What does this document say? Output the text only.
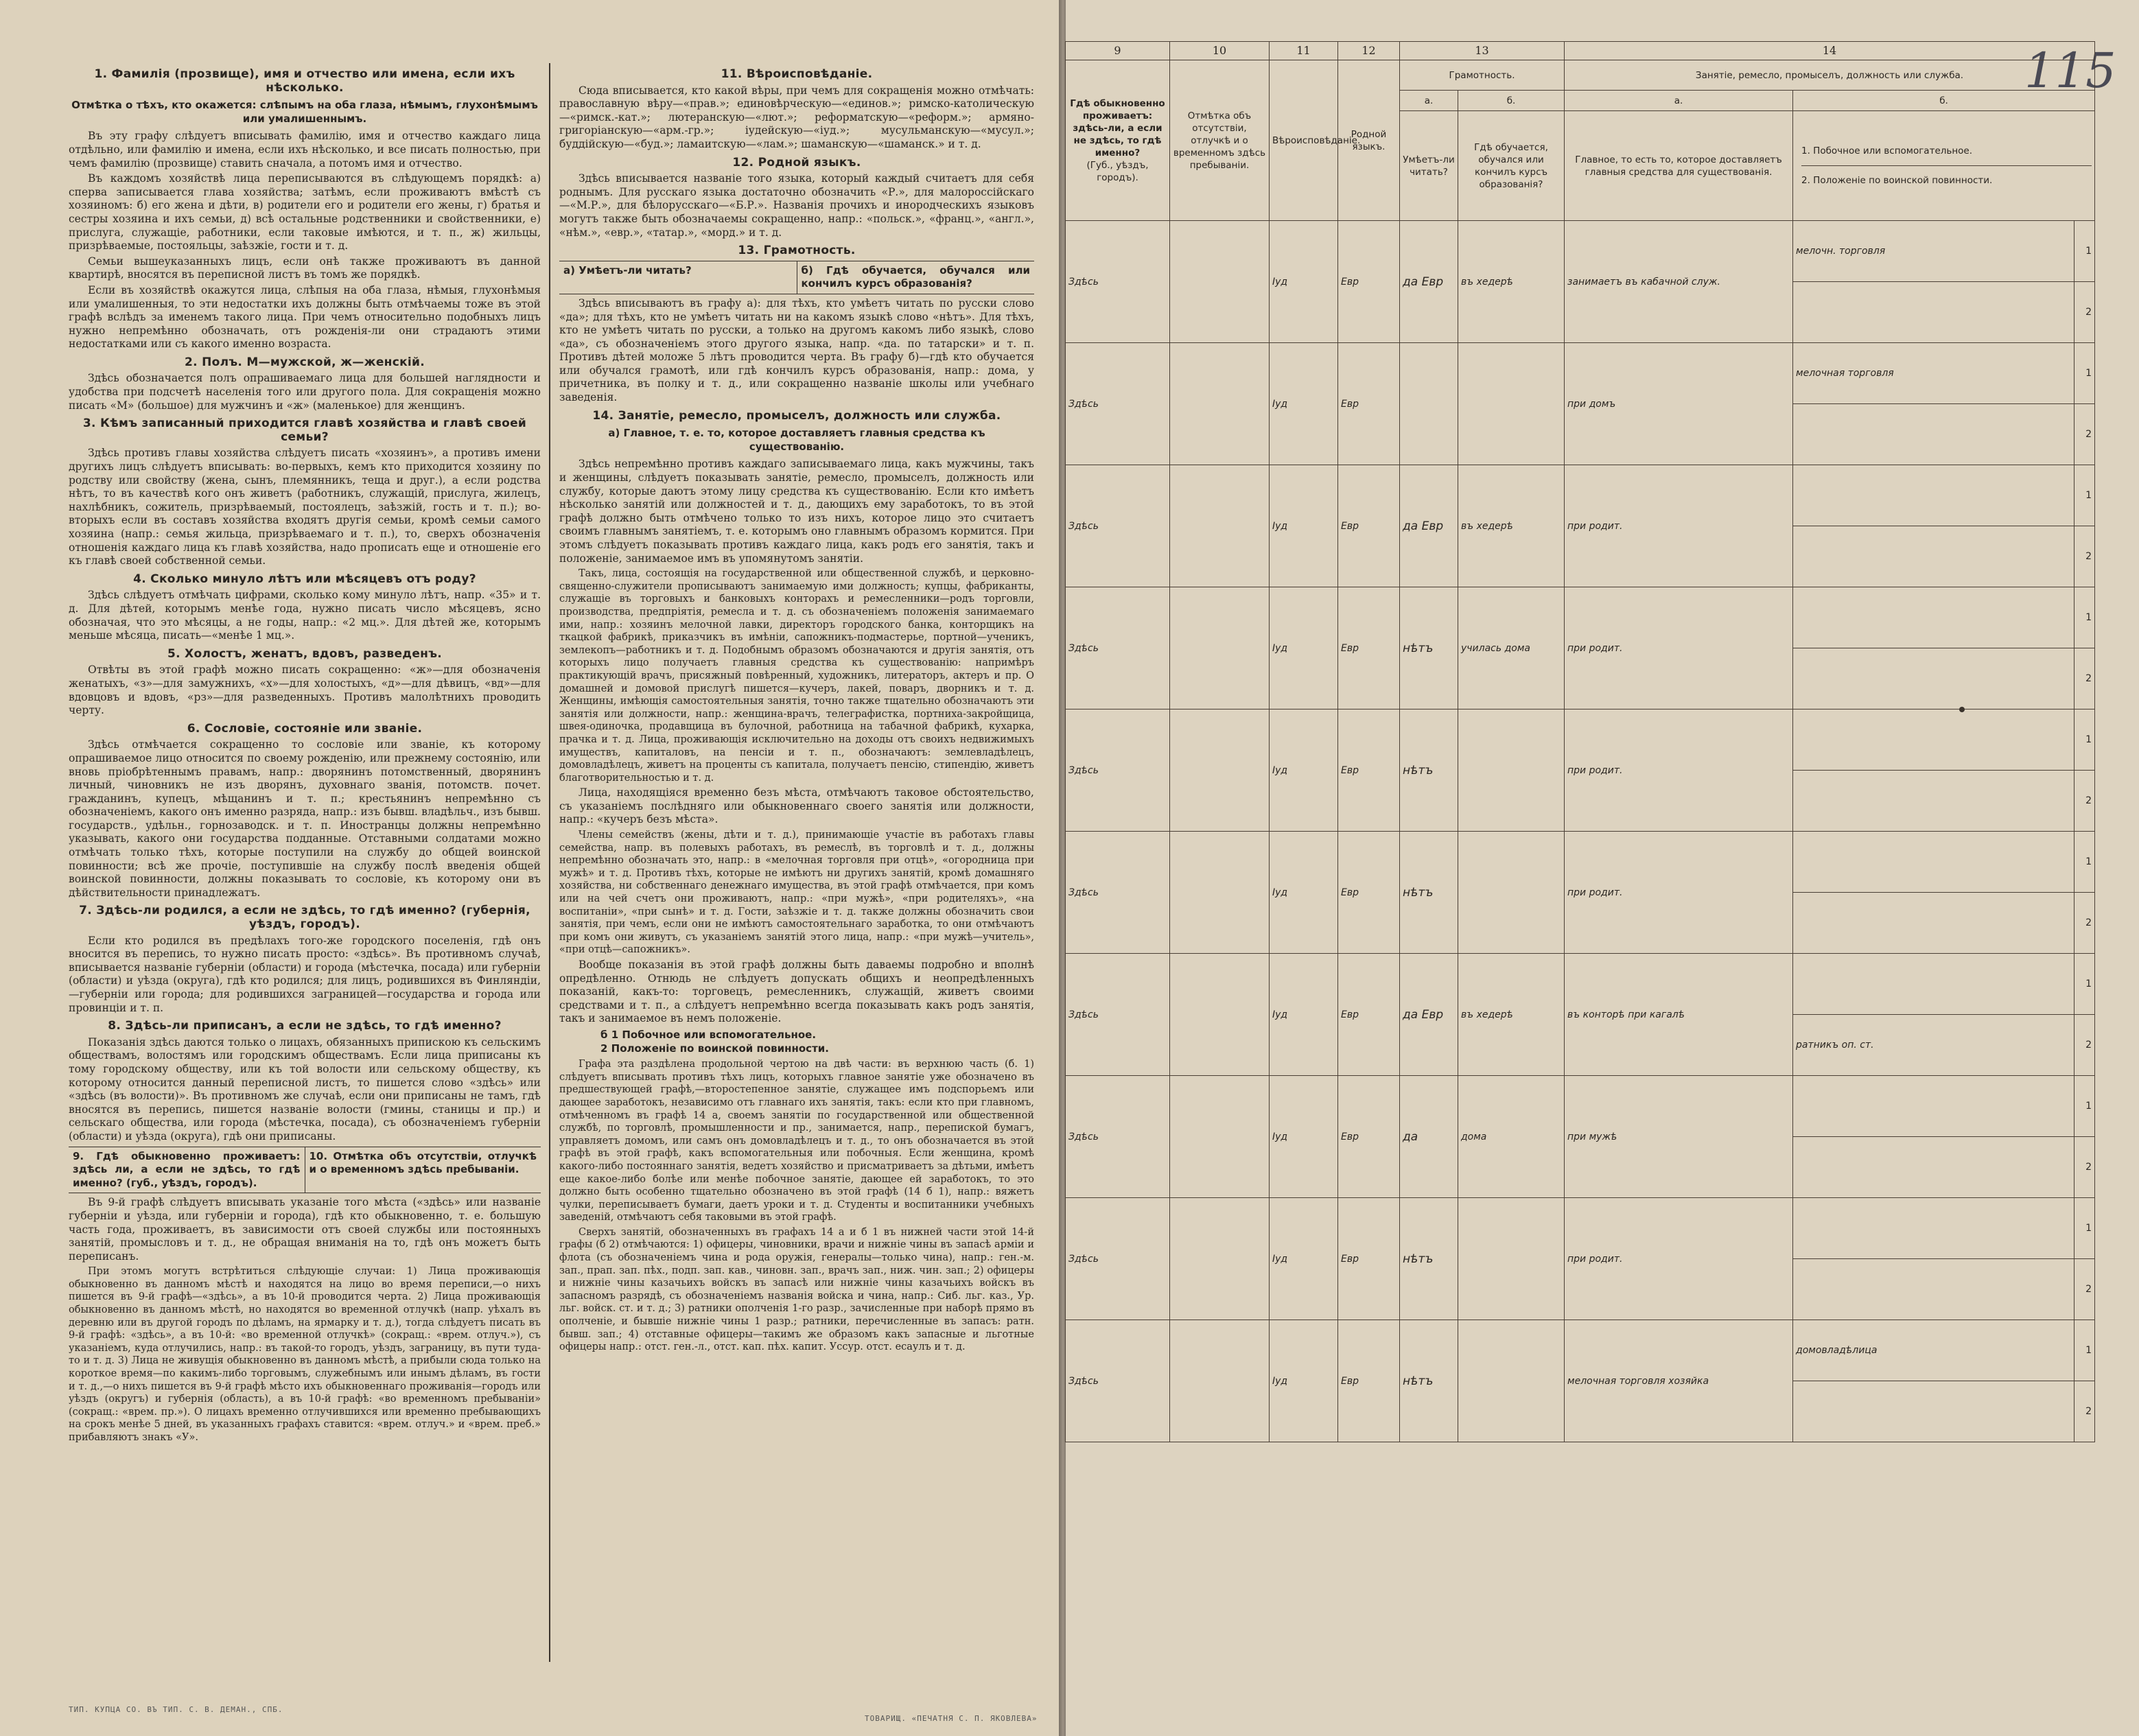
1. Фамилія (прозвище), имя и отчество или имена, если ихъ нѣсколько.
Отмѣтка о тѣхъ, кто окажется: слѣпымъ на оба глаза, нѣмымъ, глухонѣмымъ или умалишеннымъ.

Въ эту графу слѣдуетъ вписывать фамилію, имя и отчество каждаго лица отдѣльно, или фамилію и имена, если ихъ нѣсколько, и все писать полностью, при чемъ фамилію (прозвище) ставить сначала, а потомъ имя и отчество.

Въ каждомъ хозяйствѣ лица переписываются въ слѣдующемъ порядкѣ: а) сперва записывается глава хозяйства; затѣмъ, если проживаютъ вмѣстѣ съ хозяиномъ: б) его жена и дѣти, в) родители его и родители его жены, г) братья и сестры хозяина и ихъ семьи, д) всѣ остальные родственники и свойственники, е) прислуга, служащіе, работники, если таковые имѣются, и т. п., ж) жильцы, призрѣваемые, постояльцы, заѣзжіе, гости и т. д.

Семьи вышеуказанныхъ лицъ, если онѣ также проживаютъ въ данной квартирѣ, вносятся въ переписной листъ въ томъ же порядкѣ.

Если въ хозяйствѣ окажутся лица, слѣпыя на оба глаза, нѣмыя, глухонѣмыя или умалишенныя, то эти недостатки ихъ должны быть отмѣчаемы тоже въ этой графѣ вслѣдъ за именемъ такого лица. При чемъ относительно подобныхъ лицъ нужно непремѣнно обозначать, отъ рожденія-ли они страдаютъ этими недостатками или съ какого именно возраста.

2. Полъ. М—мужской, ж—женскій.

Здѣсь обозначается полъ опрашиваемаго лица для большей наглядности и удобства при подсчетѣ населенія того или другого пола. Для сокращенія можно писать «М» (большое) для мужчинъ и «ж» (маленькое) для женщинъ.

3. Кѣмъ записанный приходится главѣ хозяйства и главѣ своей семьи?

Здѣсь противъ главы хозяйства слѣдуетъ писать «хозяинъ», а противъ имени другихъ лицъ слѣдуетъ вписывать: во-первыхъ, кемъ кто приходится хозяину по родству или свойству (жена, сынъ, племянникъ, теща и друг.), а если родства нѣтъ, то въ качествѣ кого онъ живетъ (работникъ, служащій, прислуга, жилецъ, нахлѣбникъ, сожитель, призрѣваемый, постоялецъ, заѣзжій, гость и т. п.); во-вторыхъ если въ составъ хозяйства входятъ другія семьи, кромѣ семьи самого хозяина (напр.: семья жильца, призрѣваемаго и т. п.), то, сверхъ обозначенія отношенія каждаго лица къ главѣ хозяйства, надо прописать еще и отношеніе его къ главѣ своей собственной семьи.

4. Сколько минуло лѣтъ или мѣсяцевъ отъ роду?

Здѣсь слѣдуетъ отмѣчать цифрами, сколько кому минуло лѣтъ, напр. «35» и т. д. Для дѣтей, которымъ менѣе года, нужно писать число мѣсяцевъ, ясно обозначая, что это мѣсяцы, а не годы, напр.: «2 мц.». Для дѣтей же, которымъ меньше мѣсяца, писать—«менѣе 1 мц.».

5. Холостъ, женатъ, вдовъ, разведенъ.

Отвѣты въ этой графѣ можно писать сокращенно: «ж»—для обозначенія женатыхъ, «з»—для замужнихъ, «х»—для холостыхъ, «д»—для дѣвицъ, «вд»—для вдовцовъ и вдовъ, «рз»—для разведенныхъ. Противъ малолѣтнихъ проводить черту.

6. Сословіе, состояніе или званіе.

Здѣсь отмѣчается сокращенно то сословіе или званіе, къ которому опрашиваемое лицо относится по своему рожденію, или прежнему состоянію, или вновь пріобрѣтеннымъ правамъ, напр.: дворянинъ потомственный, дворянинъ личный, чиновникъ не изъ дворянъ, духовнаго званія, потомств. почет. гражданинъ, купецъ, мѣщанинъ и т. п.; крестьянинъ непремѣнно съ обозначеніемъ, какого онъ именно разряда, напр.: изъ бывш. владѣльч., изъ бывш. государств., удѣльн., горнозаводск. и т. п. Иностранцы должны непремѣнно указывать, какого они государства подданные. Отставными солдатами можно отмѣчать только тѣхъ, которые поступили на службу до общей воинской повинности; всѣ же прочіе, поступившіе на службу послѣ введенія общей воинской повинности, должны показывать то сословіе, къ которому они въ дѣйствительности принадлежатъ.

7. Здѣсь-ли родился, а если не здѣсь, то гдѣ именно? (губернія, уѣздъ, городъ).

Если кто родился въ предѣлахъ того-же городского поселенія, гдѣ онъ вносится въ перепись, то нужно писать просто: «здѣсь». Въ противномъ случаѣ, вписывается названіе губерніи (области) и города (мѣстечка, посада) или губерніи (области) и уѣзда (округа), гдѣ кто родился; для лицъ, родившихся въ Финляндіи,—губерніи или города; для родившихся заграницей—государства и города или провинціи и т. п.

8. Здѣсь-ли приписанъ, а если не здѣсь, то гдѣ именно?

Показанія здѣсь даются только о лицахъ, обязанныхъ припискою къ сельскимъ обществамъ, волостямъ или городскимъ обществамъ. Если лица приписаны къ тому городскому обществу, или къ той волости или сельскому обществу, къ которому относится данный переписной листъ, то пишется слово «здѣсь» или «здѣсь (въ волости)». Въ противномъ же случаѣ, если они приписаны не тамъ, гдѣ вносятся въ перепись, пишется названіе волости (гмины, станицы и пр.) и сельскаго общества, или города (мѣстечка, посада), съ обозначеніемъ губерніи (области) и уѣзда (округа), гдѣ они приписаны.

9. Гдѣ обыкновенно проживаетъ: здѣсь ли, а если не здѣсь, то гдѣ именно? (губ., уѣздъ, городъ).
10. Отмѣтка объ отсутствіи, отлучкѣ и о временномъ здѣсь пребываніи.

Въ 9-й графѣ слѣдуетъ вписывать указаніе того мѣста («здѣсь» или названіе губерніи и уѣзда, или губерніи и города), гдѣ кто обыкновенно, т. е. большую часть года, проживаетъ, въ зависимости отъ своей службы или постоянныхъ занятій, промысловъ и т. д., не обращая вниманія на то, гдѣ онъ можетъ быть переписанъ.

При этомъ могутъ встрѣтиться слѣдующіе случаи: 1) Лица проживающія обыкновенно въ данномъ мѣстѣ и находятся на лицо во время переписи,—о нихъ пишется въ 9-й графѣ—«здѣсь», а въ 10-й проводится черта. 2) Лица проживающія обыкновенно въ данномъ мѣстѣ, но находятся во временной отлучкѣ (напр. уѣхалъ въ деревню или въ другой городъ по дѣламъ, на ярмарку и т. д.), тогда слѣдуетъ писать въ 9-й графѣ: «здѣсь», а въ 10-й: «во временной отлучкѣ» (сокращ.: «врем. отлуч.»), съ указаніемъ, куда отлучились, напр.: въ такой-то городъ, уѣздъ, заграницу, въ пути туда-то и т. д. 3) Лица не живущія обыкновенно въ данномъ мѣстѣ, а прибыли сюда только на короткое время—по какимъ-либо торговымъ, служебнымъ или инымъ дѣламъ, въ гости и т. д.,—о нихъ пишется въ 9-й графѣ мѣсто ихъ обыкновеннаго проживанія—городъ или уѣздъ (округъ) и губернія (область), а въ 10-й графѣ: «во временномъ пребываніи» (сокращ.: «врем. пр.»). О лицахъ временно отлучившихся или временно пребывающихъ на срокъ менѣе 5 дней, въ указанныхъ графахъ ставится: «врем. отлуч.» и «врем. преб.» прибавляютъ знакъ «У».

11. Вѣроисповѣданіе.

Сюда вписывается, кто какой вѣры, при чемъ для сокращенія можно отмѣчать: православную вѣру—«прав.»; единовѣрческую—«единов.»; римско-католическую—«римск.-кат.»; лютеранскую—«лют.»; реформатскую—«реформ.»; армяно-григоріанскую—«арм.-гр.»; іудейскую—«іуд.»; мусульманскую—«мусул.»; буддійскую—«буд.»; ламаитскую—«лам.»; шаманскую—«шаманск.» и т. д.

12. Родной языкъ.

Здѣсь вписывается названіе того языка, который каждый считаетъ для себя роднымъ. Для русскаго языка достаточно обозначить «Р.», для малороссійскаго—«М.Р.», для бѣлорусскаго—«Б.Р.». Названія прочихъ и инородческихъ языковъ могутъ также быть обозначаемы сокращенно, напр.: «польск.», «франц.», «англ.», «нѣм.», «евр.», «татар.», «морд.» и т. д.

13. Грамотность.
а) Умѣетъ-ли читать?	б) Гдѣ обучается, обучался или кончилъ курсъ образованія?

Здѣсь вписываютъ въ графу а): для тѣхъ, кто умѣетъ читать по русски слово «да»; для тѣхъ, кто не умѣетъ читать ни на какомъ языкѣ слово «нѣтъ». Для тѣхъ, кто не умѣетъ читать по русски, а только на другомъ какомъ либо языкѣ, слово «да», съ обозначеніемъ этого другого языка, напр. «да. по татарски» и т. п. Противъ дѣтей моложе 5 лѣтъ проводится черта. Въ графу б)—гдѣ кто обучается или обучался грамотѣ, или гдѣ кончилъ курсъ образованія, напр.: дома, у причетника, въ полку и т. д., или сокращенно названіе школы или учебнаго заведенія.

14. Занятіе, ремесло, промыселъ, должность или служба.
а) Главное, т. е. то, которое доставляетъ главныя средства къ существованію.

Здѣсь непремѣнно противъ каждаго записываемаго лица, какъ мужчины, такъ и женщины, слѣдуетъ показывать занятіе, ремесло, промыселъ, должность или службу, которые даютъ этому лицу средства къ существованію. Если кто имѣетъ нѣсколько занятій или должностей и т. д., дающихъ ему заработокъ, то въ этой графѣ должно быть отмѣчено только то изъ нихъ, которое лицо это считаетъ своимъ главнымъ занятіемъ, т. е. которымъ оно главнымъ образомъ кормится. При этомъ слѣдуетъ показывать противъ каждаго лица, какъ родъ его занятія, такъ и положеніе, занимаемое имъ въ упомянутомъ занятіи.

Такъ, лица, состоящія на государственной или общественной службѣ, и церковно-священно-служители прописываютъ занимаемую ими должность; купцы, фабриканты, служащіе въ торговыхъ и банковыхъ конторахъ и ремесленники—родъ торговли, производства, предпріятія, ремесла и т. д. съ обозначеніемъ положенія занимаемаго ими, напр.: хозяинъ мелочной лавки, директоръ городского банка, конторщикъ на ткацкой фабрикѣ, приказчикъ въ имѣніи, сапожникъ-подмастерье, портной—ученикъ, землекопъ—работникъ и т. д. Подобнымъ образомъ обозначаются и другія занятія, отъ которыхъ лицо получаетъ главныя средства къ существованію: напримѣръ практикующій врачъ, присяжный повѣренный, художникъ, литераторъ, актеръ и пр. О домашней и домовой прислугѣ пишется—кучеръ, лакей, поваръ, дворникъ и т. д. Женщины, имѣющія самостоятельныя занятія, точно также тщательно обозначаютъ эти занятія или должности, напр.: женщина-врачъ, телеграфистка, портниха-закройщица, швея-одиночка, продавщица въ булочной, работница на табачной фабрикѣ, кухарка, прачка и т. д. Лица, проживающія исключительно на доходы отъ своихъ недвижимыхъ имуществъ, капиталовъ, на пенсіи и т. п., обозначаютъ: землевладѣлецъ, домовладѣлецъ, живетъ на проценты съ капитала, получаетъ пенсію, стипендію, живетъ благотворительностью и т. д.

Лица, находящіяся временно безъ мѣста, отмѣчаютъ таковое обстоятельство, съ указаніемъ послѣдняго или обыкновеннаго своего занятія или должности, напр.: «кучеръ безъ мѣста».

Члены семействъ (жены, дѣти и т. д.), принимающіе участіе въ работахъ главы семейства, напр. въ полевыхъ работахъ, въ ремеслѣ, въ торговлѣ и т. д., должны непремѣнно обозначать это, напр.: в «мелочная торговля при отцѣ», «огородница при мужѣ» и т. д. Противъ тѣхъ, которые не имѣютъ ни другихъ занятій, кромѣ домашняго хозяйства, ни собственнаго денежнаго имущества, въ этой графѣ отмѣчается, при комъ или на чей счетъ они проживаютъ, напр.: «при мужѣ», «при родителяхъ», «на воспитаніи», «при сынѣ» и т. д. Гости, заѣзжіе и т. д. также должны обозначить свои занятія, при чемъ, если они не имѣютъ самостоятельнаго заработка, то они отмѣчаютъ при комъ они живутъ, съ указаніемъ занятій этого лица, напр.: «при мужѣ—учитель», «при отцѣ—сапожникъ».

Вообще показанія въ этой графѣ должны быть даваемы подробно и вполнѣ опредѣленно. Отнюдь не слѣдуетъ допускать общихъ и неопредѣленныхъ показаній, какъ-то: торговецъ, ремесленникъ, служащій, живетъ своими средствами и т. п., а слѣдуетъ непремѣнно всегда показывать какъ родъ занятія, такъ и занимаемое въ немъ положеніе.

б 1 Побочное или вспомогательное.
2 Положеніе по воинской повинности.

Графа эта раздѣлена продольной чертою на двѣ части: въ верхнюю часть (б. 1) слѣдуетъ вписывать противъ тѣхъ лицъ, которыхъ главное занятіе уже обозначено въ предшествующей графѣ,—второстепенное занятіе, служащее имъ подспорьемъ или дающее заработокъ, независимо отъ главнаго ихъ занятія, такъ: если кто при главномъ, отмѣченномъ въ графѣ 14 а, своемъ занятіи по государственной или общественной службѣ, по торговлѣ, промышленности и пр., занимается, напр., перепиской бумагъ, управляетъ домомъ, или самъ онъ домовладѣлецъ и т. д., то онъ обозначается въ этой графѣ въ этой графѣ, какъ вспомогательныя или побочныя. Если женщина, кромѣ какого-либо постояннаго занятія, ведетъ хозяйство и присматриваетъ за дѣтьми, имѣетъ еще какое-либо болѣе или менѣе побочное занятіе, дающее ей заработокъ, то это должно быть особенно тщательно обозначено въ этой графѣ (14 б 1), напр.: вяжетъ чулки, переписываетъ бумаги, даетъ уроки и т. д. Студенты и воспитанники учебныхъ заведеній, отмѣчаютъ себя таковыми въ этой графѣ.

Сверхъ занятій, обозначенныхъ въ графахъ 14 а и б 1 въ нижней части этой 14-й графы (б 2) отмѣчаются: 1) офицеры, чиновники, врачи и нижніе чины въ запасѣ арміи и флота (съ обозначеніемъ чина и рода оружія, генералы—только чина), напр.: ген.-м. зап., прап. зап. пѣх., подп. зап. кав., чиновн. зап., врачъ зап., ниж. чин. зап.; 2) офицеры и нижніе чины казачьихъ войскъ въ запасѣ или нижніе чины казачьихъ войскъ въ запасномъ разрядѣ, съ обозначеніемъ названія войска и чина, напр.: Сиб. льг. каз., Ур. льг. войск. ст. и т. д.; 3) ратники ополченія 1-го разр., зачисленные при наборѣ прямо въ ополченіе, и бывшіе нижніе чины 1 разр.; ратники, перечисленные въ запасъ: ратн. бывш. зап.; 4) отставные офицеры—такимъ же образомъ какъ запасные и льготные офицеры напр.: отст. ген.-л., отст. кап. пѣх. капит. Уссур. отст. есаулъ и т. д.

ТИП. КУПЦА СО. ВЪ ТИП. С. В. ДЕМАН., СПБ.
ТОВАРИЩ. «ПЕЧАТНЯ С. П. ЯКОВЛЕВА»
115
9	10	11	12	13		14		
Гдѣ обыкновенно проживаетъ: здѣсь-ли, а если не здѣсь, то гдѣ именно?
(Губ., уѣздъ, городъ).	Отмѣтка объ отсутствіи, отлучкѣ и о временномъ здѣсь пребываніи.	Вѣроисповѣданіе.	Родной языкъ.	Грамотность.		Занятіе, ремесло, промыселъ, должность или служба.		
				а.	б.	а.	б.	
				Умѣетъ-ли читать?	Гдѣ обучается, обучался или кончилъ курсъ образованія?	Главное, то есть то, которое доставляетъ главныя средства для существованія.	1. Побочное или вспомогательное.
2. Положеніе по воинской повинности.	

Здѣсь		Іуд	Евр	да Евр	въ хедерѣ	занимаетъ въ кабачной служ.	мелочн. торговля	1
								2
Здѣсь		Іуд	Евр			при домъ	мелочная торговля	1
								2
Здѣсь		Іуд	Евр	да Евр	въ хедерѣ	при родит.		1
								2
Здѣсь		Іуд	Евр	нѣтъ	училась дома	при родит.		1
								2
Здѣсь		Іуд	Евр	нѣтъ		при родит.		1
								2
Здѣсь		Іуд	Евр	нѣтъ		при родит.		1
								2
Здѣсь		Іуд	Евр	да Евр	въ хедерѣ	въ конторѣ при кагалѣ		1
							ратникъ оп. ст.	2
Здѣсь		Іуд	Евр	да	дома	при мужѣ		1
								2
Здѣсь		Іуд	Евр	нѣтъ		при родит.		1
								2
Здѣсь		Іуд	Евр	нѣтъ		мелочная торговля хозяйка	домовладѣлица	1
								2
